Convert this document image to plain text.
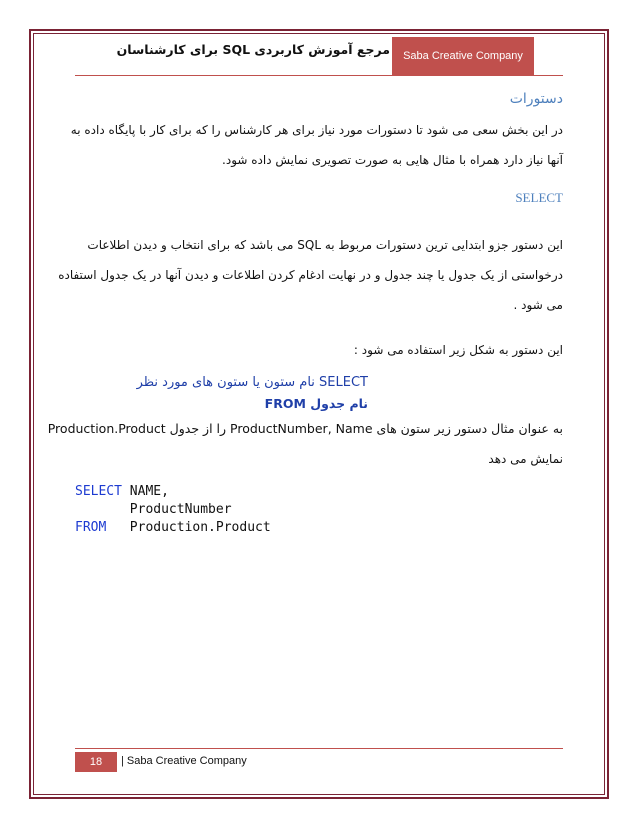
مرجع آموزش کاربردی SQL برای کارشناسان	Saba Creative Company
دستورات
در این بخش سعی می شود تا دستورات مورد نیاز برای هر کارشناس را که برای کار با پایگاه داده به
آنها نیاز دارد همراه با مثال هایی به صورت تصویری نمایش داده شود.
SELECT
این دستور جزو ابتدایی ترین دستورات مربوط به SQL می باشد که برای انتخاب و دیدن اطلاعات
درخواستی از یک جدول یا چند جدول و در نهایت ادغام کردن اطلاعات و دیدن آنها در یک جدول استفاده
می شود .
این دستور به شکل زیر استفاده می شود :
SELECT نام ستون یا ستون های مورد نظر
نام جدول FROM
به عنوان مثال دستور زیر ستون های ProductNumber, Name را از جدول Production.Product
نمایش می دهد
SELECT NAME,
ProductNumber
FROM   Production.Product
18	| Saba Creative Company
